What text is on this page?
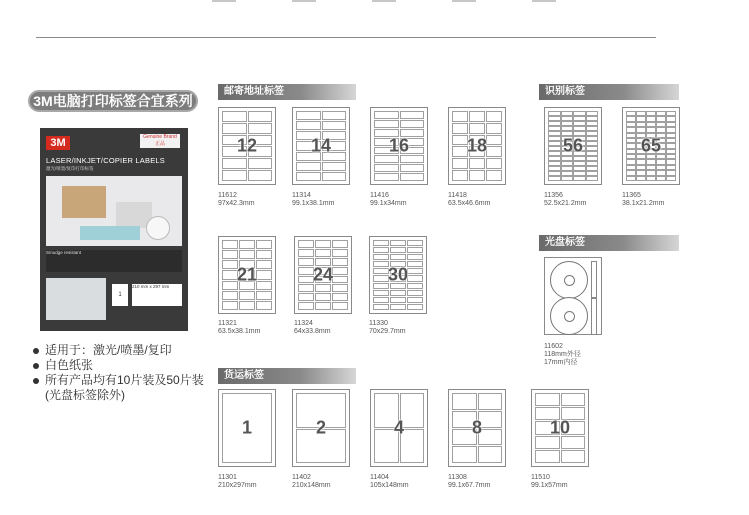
3M电脑打印标签合宜系列
3M	Genuine Brand 正品
LASER/INKJET/COPIER LABELS
激光/喷墨/复印打印标签
Smudge resistant
1
210 mm x 297 mm
适用于：激光/喷墨/复印
白色纸张
所有产品均有10片装及50片装
(光盘标签除外)
邮寄地址标签	识别标签
光盘标签
货运标签
12
11612
97x42.3mm
14
11314
99.1x38.1mm
16
11416
99.1x34mm
18
11418
63.5x46.6mm
56
11356
52.5x21.2mm
65
11365
38.1x21.2mm
21
11321
63.5x38.1mm
24
11324
64x33.8mm
30
11330
70x29.7mm
11602
118mm外径
17mm内径
1
11301
210x297mm
2
11402
210x148mm
4
11404
105x148mm
8
11308
99.1x67.7mm
10
11510
99.1x57mm
